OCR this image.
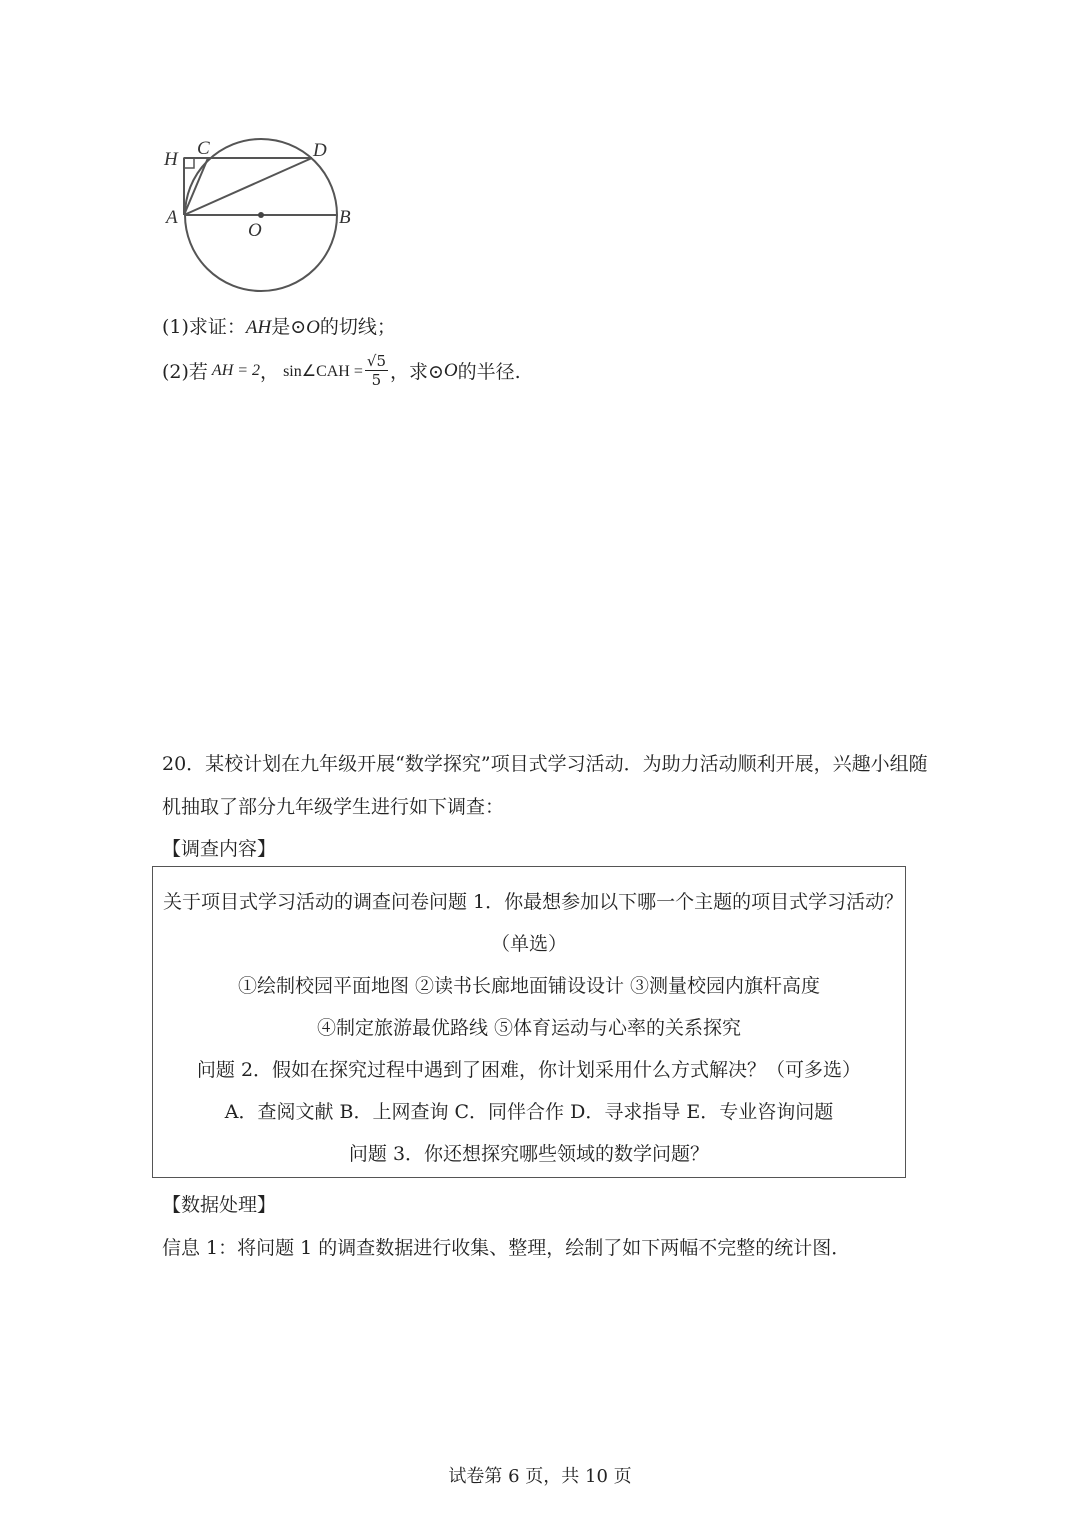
H
C	D
A
O
B
(1)求证：AH是⊙O的切线；
(2)若 AH = 2 ， sin∠CAH = $\frac{√5}{5}$ ，求⊙ O 的半径.
20．某校计划在九年级开展“数学探究”项目式学习活动．为助力活动顺利开展，兴趣小组随
机抽取了部分九年级学生进行如下调查：
【调查内容】
关于项目式学习活动的调查问卷问题 1．你最想参加以下哪一个主题的项目式学习活动？
（单选）
①绘制校园平面地图 ②读书长廊地面铺设设计 ③测量校园内旗杆高度
④制定旅游最优路线 ⑤体育运动与心率的关系探究
问题 2．假如在探究过程中遇到了困难，你计划采用什么方式解决？（可多选）
A．查阅文献 B．上网查询 C．同伴合作 D．寻求指导 E．专业咨询问题
问题 3．你还想探究哪些领域的数学问题？
【数据处理】
信息 1：将问题 1 的调查数据进行收集、整理，绘制了如下两幅不完整的统计图．
试卷第 6 页，共 10 页
